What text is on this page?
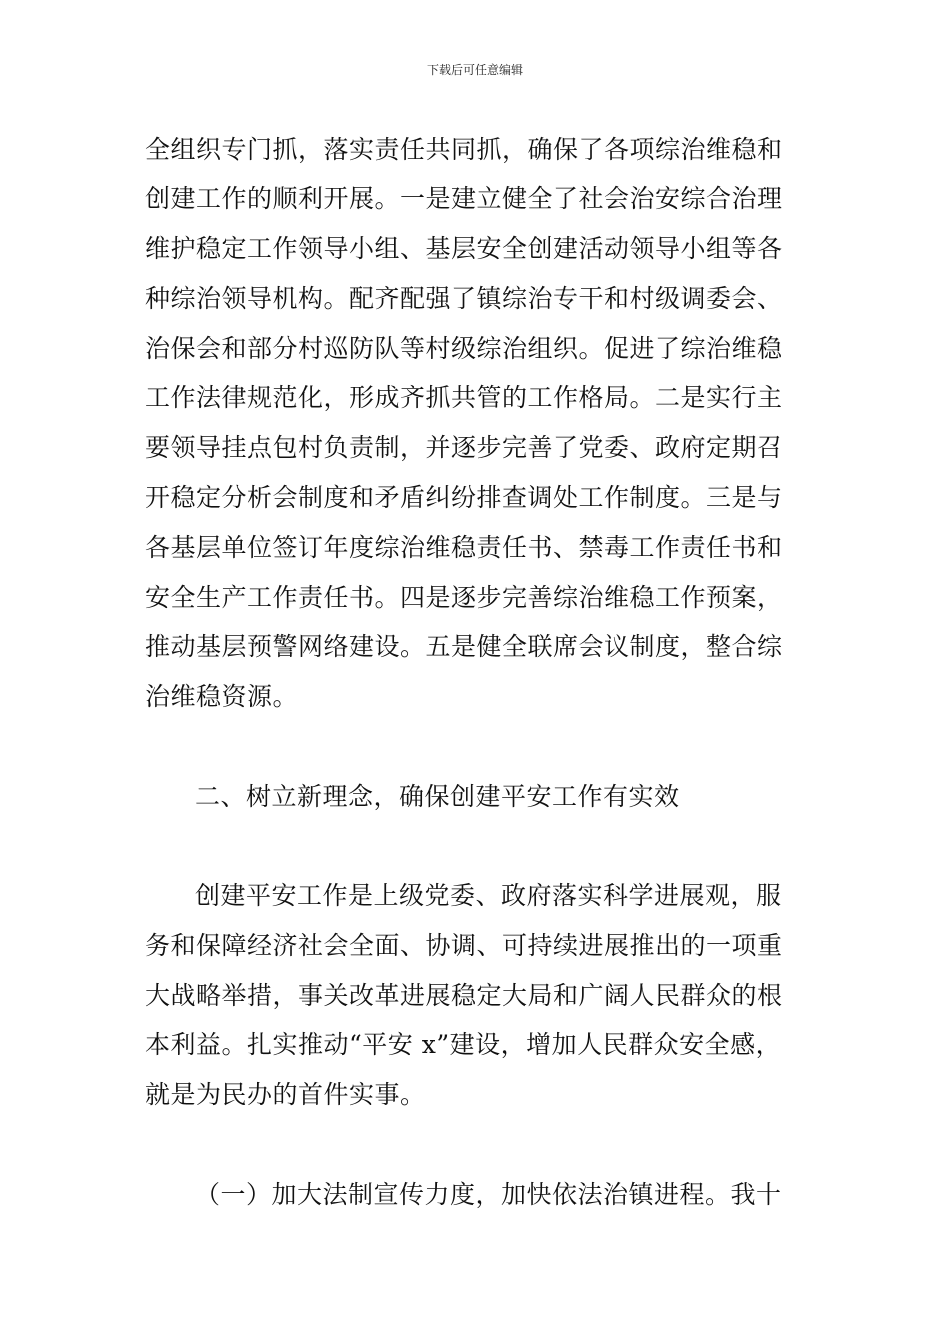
下载后可任意编辑
全组织专门抓，落实责任共同抓，确保了各项综治维稳和
创建工作的顺利开展。一是建立健全了社会治安综合治理
维护稳定工作领导小组、基层安全创建活动领导小组等各
种综治领导机构。配齐配强了镇综治专干和村级调委会、
治保会和部分村巡防队等村级综治组织。促进了综治维稳
工作法律规范化，形成齐抓共管的工作格局。二是实行主
要领导挂点包村负责制，并逐步完善了党委、政府定期召
开稳定分析会制度和矛盾纠纷排查调处工作制度。三是与
各基层单位签订年度综治维稳责任书、禁毒工作责任书和
安全生产工作责任书。四是逐步完善综治维稳工作预案，
推动基层预警网络建设。五是健全联席会议制度，整合综
治维稳资源。
二、树立新理念，确保创建平安工作有实效
创建平安工作是上级党委、政府落实科学进展观，服
务和保障经济社会全面、协调、可持续进展推出的一项重
大战略举措，事关改革进展稳定大局和广阔人民群众的根
本利益。扎实推动“平安 x”建设，增加人民群众安全感，
就是为民办的首件实事。
（一）加大法制宣传力度，加快依法治镇进程。我十
